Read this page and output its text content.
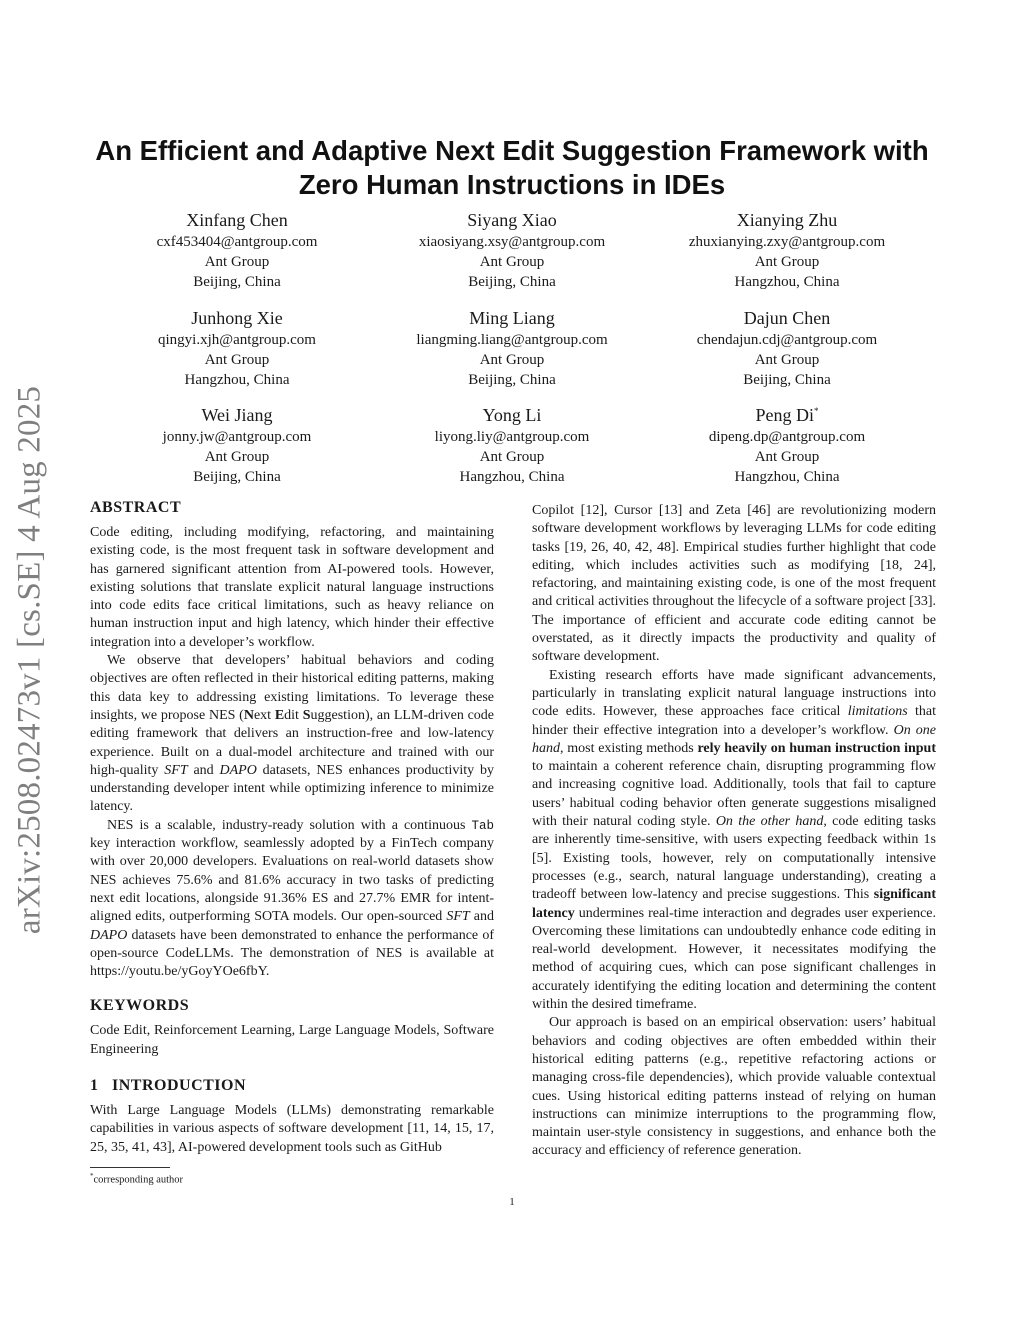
arXiv:2508.02473v1 [cs.SE] 4 Aug 2025
An Efficient and Adaptive Next Edit Suggestion Framework with
Zero Human Instructions in IDEs
Xinfang Chen
cxf453404@antgroup.com
Ant Group
Beijing, China
Siyang Xiao
xiaosiyang.xsy@antgroup.com
Ant Group
Beijing, China
Xianying Zhu
zhuxianying.zxy@antgroup.com
Ant Group
Hangzhou, China
Junhong Xie
qingyi.xjh@antgroup.com
Ant Group
Hangzhou, China
Ming Liang
liangming.liang@antgroup.com
Ant Group
Beijing, China
Dajun Chen
chendajun.cdj@antgroup.com
Ant Group
Beijing, China
Wei Jiang
jonny.jw@antgroup.com
Ant Group
Beijing, China
Yong Li
liyong.liy@antgroup.com
Ant Group
Hangzhou, China
Peng Di*
dipeng.dp@antgroup.com
Ant Group
Hangzhou, China
ABSTRACT

Code editing, including modifying, refactoring, and maintaining existing code, is the most frequent task in software development and has garnered significant attention from AI-powered tools. However, existing solutions that translate explicit natural language instructions into code edits face critical limitations, such as heavy reliance on human instruction input and high latency, which hinder their effective integration into a developer’s workflow.

We observe that developers’ habitual behaviors and coding objectives are often reflected in their historical editing patterns, making this data key to addressing existing limitations. To leverage these insights, we propose NES (Next Edit Suggestion), an LLM-driven code editing framework that delivers an instruction-free and low-latency experience. Built on a dual-model architecture and trained with our high-quality SFT and DAPO datasets, NES enhances productivity by understanding developer intent while optimizing inference to minimize latency.

NES is a scalable, industry-ready solution with a continuous Tab key interaction workflow, seamlessly adopted by a FinTech company with over 20,000 developers. Evaluations on real-world datasets show NES achieves 75.6% and 81.6% accuracy in two tasks of predicting next edit locations, alongside 91.36% ES and 27.7% EMR for intent-aligned edits, outperforming SOTA models. Our open-sourced SFT and DAPO datasets have been demonstrated to enhance the performance of open-source CodeLLMs. The demonstration of NES is available at https://youtu.be/yGoyYOe6fbY.

KEYWORDS

Code Edit, Reinforcement Learning, Large Language Models, Software Engineering

1 INTRODUCTION

With Large Language Models (LLMs) demonstrating remarkable capabilities in various aspects of software development [11, 14, 15, 17, 25, 35, 41, 43], AI-powered development tools such as GitHub

*corresponding author

Copilot [12], Cursor [13] and Zeta [46] are revolutionizing modern software development workflows by leveraging LLMs for code editing tasks [19, 26, 40, 42, 48]. Empirical studies further highlight that code editing, which includes activities such as modifying [18, 24], refactoring, and maintaining existing code, is one of the most frequent and critical activities throughout the lifecycle of a software project [33]. The importance of efficient and accurate code editing cannot be overstated, as it directly impacts the productivity and quality of software development.

Existing research efforts have made significant advancements, particularly in translating explicit natural language instructions into code edits. However, these approaches face critical limitations that hinder their effective integration into a developer’s workflow. On one hand, most existing methods rely heavily on human instruction input to maintain a coherent reference chain, disrupting programming flow and increasing cognitive load. Additionally, tools that fail to capture users’ habitual coding behavior often generate suggestions misaligned with their natural coding style. On the other hand, code editing tasks are inherently time-sensitive, with users expecting feedback within 1s [5]. Existing tools, however, rely on computationally intensive processes (e.g., search, natural language understanding), creating a tradeoff between low-latency and precise suggestions. This significant latency undermines real-time interaction and degrades user experience. Overcoming these limitations can undoubtedly enhance code editing in real-world development. However, it necessitates modifying the method of acquiring cues, which can pose significant challenges in accurately identifying the editing location and determining the content within the desired timeframe.

Our approach is based on an empirical observation: users’ habitual behaviors and coding objectives are often embedded within their historical editing patterns (e.g., repetitive refactoring actions or managing cross-file dependencies), which provide valuable contextual cues. Using historical editing patterns instead of relying on human instructions can minimize interruptions to the programming flow, maintain user-style consistency in suggestions, and enhance both the accuracy and efficiency of reference generation.

1
